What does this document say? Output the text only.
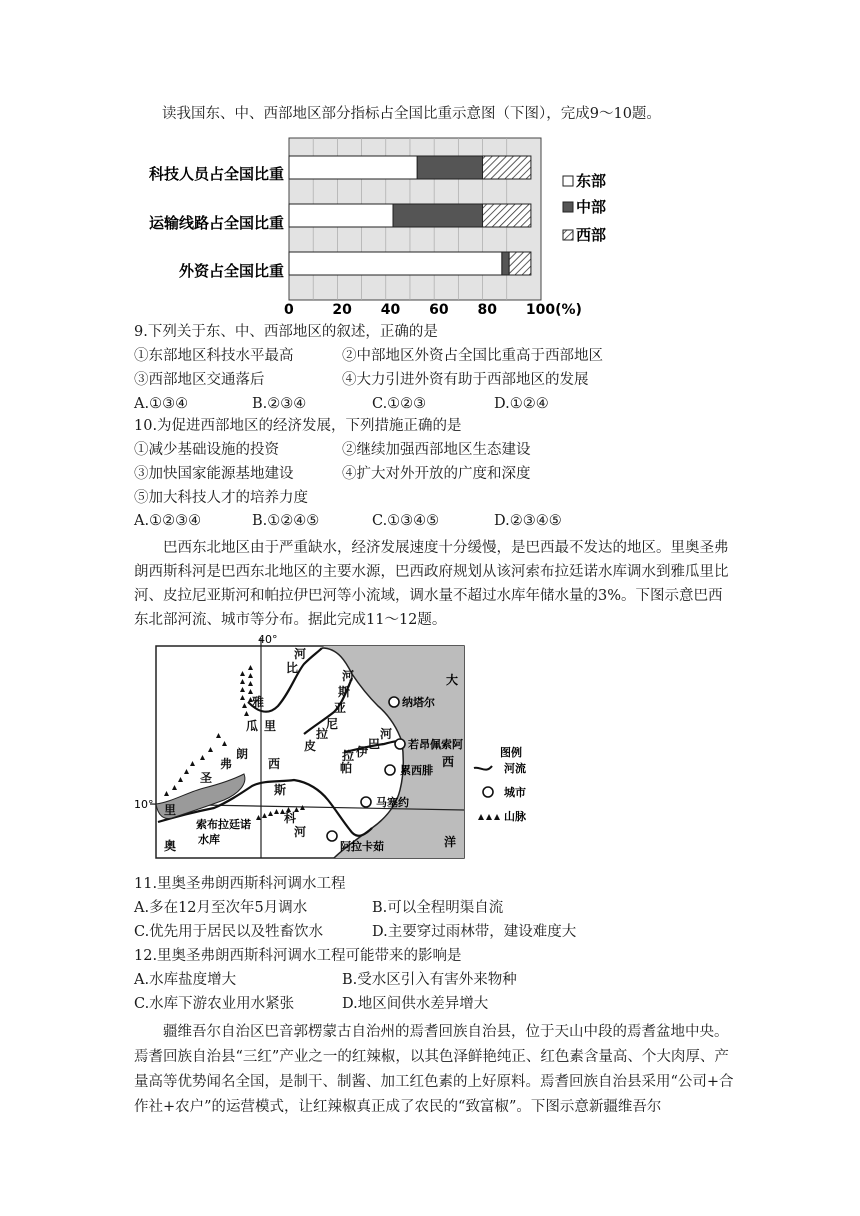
读我国东、中、西部地区部分指标占全国比重示意图（下图），完成9～10题。
科技人员占全国比重
运输线路占全国比重
外资占全国比重
0	20 40 60 80 100(%)
东部
中部
西部
9.下列关于东、中、西部地区的叙述，正确的是
①东部地区科技水平最高	②中部地区外资占全国比重高于西部地区
③西部地区交通落后	④大力引进外资有助于西部地区的发展
A.①③④	B.②③④	C.①②③	D.①②④
10.为促进西部地区的经济发展，下列措施正确的是
①减少基础设施的投资	②继续加强西部地区生态建设
③加快国家能源基地建设	④扩大对外开放的广度和深度
⑤加大科技人才的培养力度
A.①②③④	B.①②④⑤	C.①③④⑤	D.②③④⑤
巴西东北地区由于严重缺水，经济发展速度十分缓慢，是巴西最不发达的地区。里奥圣弗朗西斯科河是巴西东北地区的主要水源，巴西政府规划从该河索布拉廷诺水库调水到雅瓜里比河、皮拉尼亚斯河和帕拉伊巴河等小流域，调水量不超过水库年储水量的3%。下图示意巴西东北部河流、城市等分布。据此完成11～12题。
40°
10°
纳塔尔
若昂佩索阿
累西腓
马塞约
阿拉卡茹
雅
瓜 里
比
河
皮
拉
尼
亚
斯
河
帕
拉 伊
巴
河
圣
弗
朗
西
斯
科
河
里
奥
索布拉廷诺
水库
大
西
洋
图例
河流
城市
山脉
11.里奥圣弗朗西斯科河调水工程
A.多在12月至次年5月调水	B.可以全程明渠自流
C.优先用于居民以及牲畜饮水	D.主要穿过雨林带，建设难度大
12.里奥圣弗朗西斯科河调水工程可能带来的影响是
A.水库盐度增大	B.受水区引入有害外来物种
C.水库下游农业用水紧张	D.地区间供水差异增大
疆维吾尔自治区巴音郭楞蒙古自治州的焉耆回族自治县，位于天山中段的焉耆盆地中央。焉耆回族自治县“三红”产业之一的红辣椒，以其色泽鲜艳纯正、红色素含量高、个大肉厚、产量高等优势闻名全国，是制干、制酱、加工红色素的上好原料。焉耆回族自治县采用“公司+合作社+农户”的运营模式，让红辣椒真正成了农民的“致富椒”。下图示意新疆维吾尔
